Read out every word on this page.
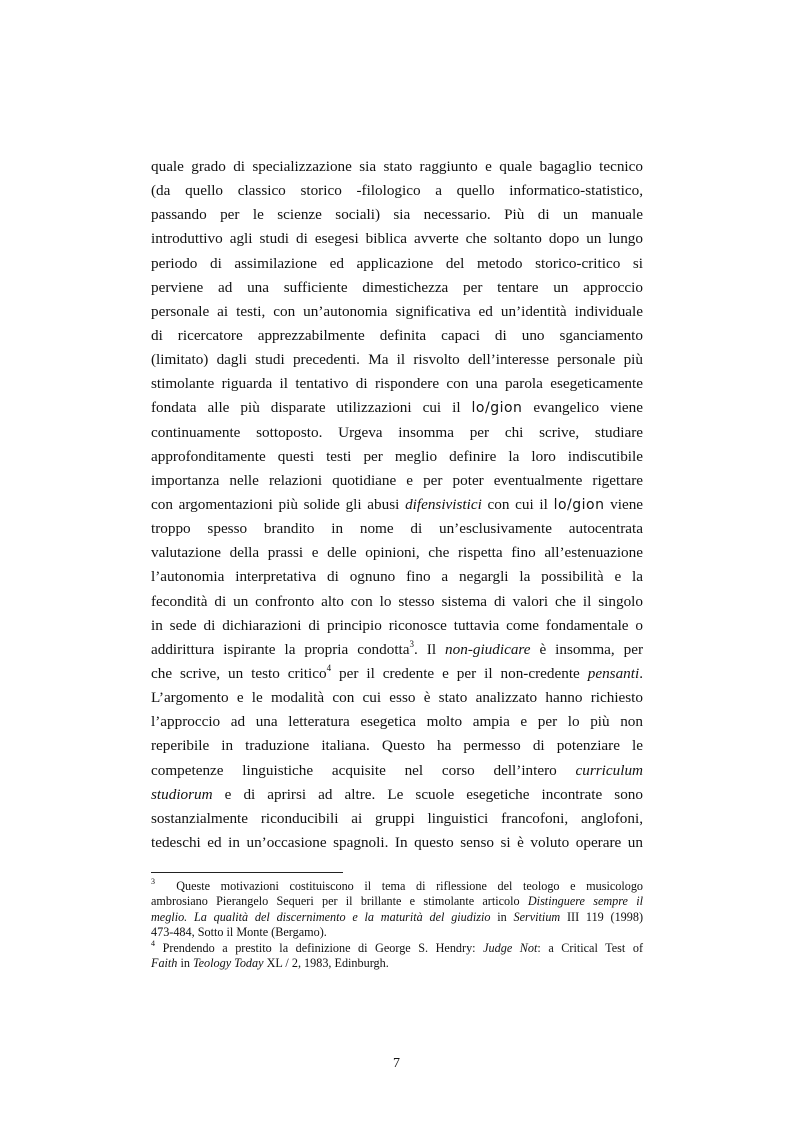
quale grado di specializzazione sia stato raggiunto e quale bagaglio tecnico
(da quello classico storico -filologico a quello informatico-statistico,
passando per le scienze sociali) sia necessario. Più di un manuale
introduttivo agli studi di esegesi biblica avverte che soltanto dopo un lungo
periodo di assimilazione ed applicazione del metodo storico-critico si
perviene ad una sufficiente dimestichezza per tentare un approccio
personale ai testi, con un’autonomia significativa ed un’identità individuale
di ricercatore apprezzabilmente definita capaci di uno sganciamento
(limitato) dagli studi precedenti. Ma il risvolto dell’interesse personale più
stimolante riguarda il tentativo di rispondere con una parola esegeticamente
fondata alle più disparate utilizzazioni cui il lo/gion evangelico viene
continuamente sottoposto. Urgeva insomma per chi scrive, studiare
approfonditamente questi testi per meglio definire la loro indiscutibile
importanza nelle relazioni quotidiane e per poter eventualmente rigettare
con argomentazioni più solide gli abusi difensivistici con cui il lo/gion viene
troppo spesso brandito in nome di un’esclusivamente autocentrata
valutazione della prassi e delle opinioni, che rispetta fino all’estenuazione
l’autonomia interpretativa di ognuno fino a negargli la possibilità e la
fecondità di un confronto alto con lo stesso sistema di valori che il singolo
in sede di dichiarazioni di principio riconosce tuttavia come fondamentale o
addirittura ispirante la propria condotta$^3$. Il non-giudicare è insomma, per
che scrive, un testo critico$^4$ per il credente e per il non-credente pensanti.
L’argomento e le modalità con cui esso è stato analizzato hanno richiesto
l’approccio ad una letteratura esegetica molto ampia e per lo più non
reperibile in traduzione italiana. Questo ha permesso di potenziare le
competenze linguistiche acquisite nel corso dell’intero curriculum
studiorum e di aprirsi ad altre. Le scuole esegetiche incontrate sono
sostanzialmente riconducibili ai gruppi linguistici francofoni, anglofoni,
tedeschi ed in un’occasione spagnoli. In questo senso si è voluto operare un
$^3$ Queste motivazioni costituiscono il tema di riflessione del teologo e musicologo
ambrosiano Pierangelo Sequeri per il brillante e stimolante articolo Distinguere sempre il
meglio. La qualità del discernimento e la maturità del giudizio in Servitium III 119 (1998)
473-484, Sotto il Monte (Bergamo).
$^4$ Prendendo a prestito la definizione di George S. Hendry: Judge Not: a Critical Test of
Faith in Teology Today XL / 2, 1983, Edinburgh.
7
